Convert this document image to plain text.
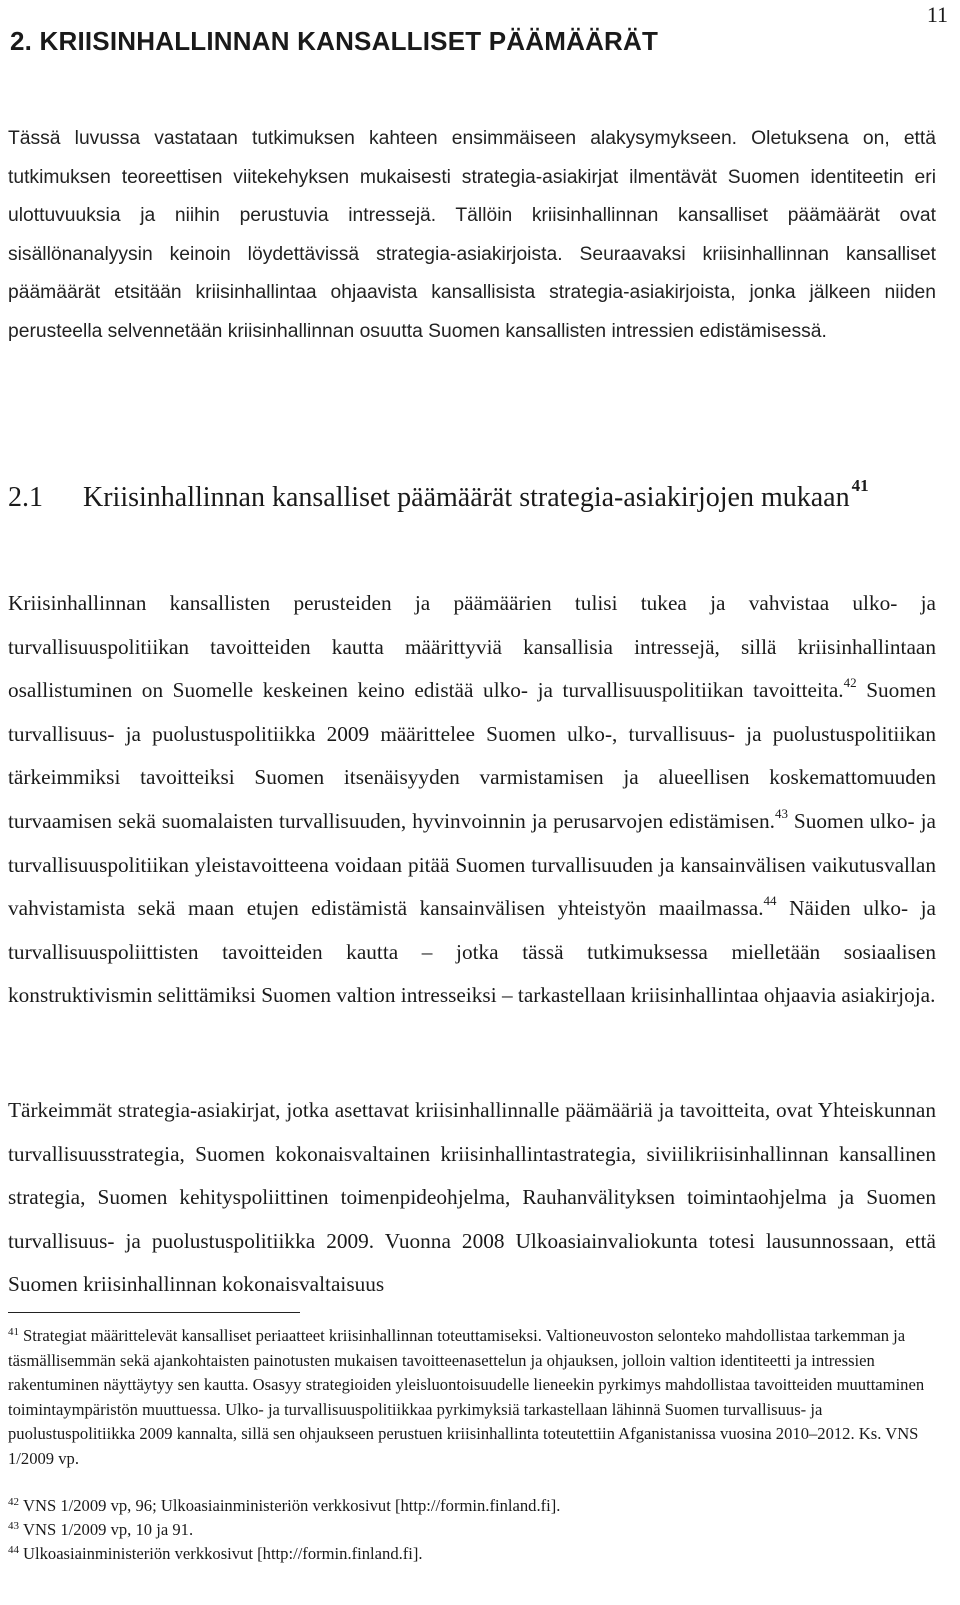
11
2. KRIISINHALLINNAN KANSALLISET PÄÄMÄÄRÄT

Tässä luvussa vastataan tutkimuksen kahteen ensimmäiseen alakysymykseen. Oletuksena on, että tutkimuksen teoreettisen viitekehyksen mukaisesti strategia-asiakirjat ilmentävät Suomen identiteetin eri ulottuvuuksia ja niihin perustuvia intressejä. Tällöin kriisinhallinnan kansalliset päämäärät ovat sisällönanalyysin keinoin löydettävissä strategia-asiakirjoista. Seuraavaksi kriisinhallinnan kansalliset päämäärät etsitään kriisinhallintaa ohjaavista kansallisista strategia-asiakirjoista, jonka jälkeen niiden perusteella selvennetään kriisinhallinnan osuutta Suomen kansallisten intressien edistämisessä.

2.1 Kriisinhallinnan kansalliset päämäärät strategia-asiakirjojen mukaan $^{41}$

Kriisinhallinnan kansallisten perusteiden ja päämäärien tulisi tukea ja vahvistaa ulko- ja turvallisuuspolitiikan tavoitteiden kautta määrittyviä kansallisia intressejä, sillä kriisinhallintaan osallistuminen on Suomelle keskeinen keino edistää ulko- ja turvallisuuspolitiikan tavoitteita.$^{42}$ Suomen turvallisuus- ja puolustuspolitiikka 2009 määrittelee Suomen ulko-, turvallisuus- ja puolustuspolitiikan tärkeimmiksi tavoitteiksi Suomen itsenäisyyden varmistamisen ja alueellisen koskemattomuuden turvaamisen sekä suomalaisten turvallisuuden, hyvinvoinnin ja perusarvojen edistämisen.$^{43}$ Suomen ulko- ja turvallisuuspolitiikan yleistavoitteena voidaan pitää Suomen turvallisuuden ja kansainvälisen vaikutusvallan vahvistamista sekä maan etujen edistämistä kansainvälisen yhteistyön maailmassa.$^{44}$ Näiden ulko- ja turvallisuuspoliittisten tavoitteiden kautta – jotka tässä tutkimuksessa mielletään sosiaalisen konstruktivismin selittämiksi Suomen valtion intresseiksi – tarkastellaan kriisinhallintaa ohjaavia asiakirjoja.

Tärkeimmät strategia-asiakirjat, jotka asettavat kriisinhallinnalle päämääriä ja tavoitteita, ovat Yhteiskunnan turvallisuusstrategia, Suomen kokonaisvaltainen kriisinhallintastrategia, siviilikriisinhallinnan kansallinen strategia, Suomen kehityspoliittinen toimenpideohjelma, Rauhanvälityksen toimintaohjelma ja Suomen turvallisuus- ja puolustuspolitiikka 2009. Vuonna 2008 Ulkoasiainvaliokunta totesi lausunnossaan, että Suomen kriisinhallinnan kokonaisvaltaisuus

$^{41}$ Strategiat määrittelevät kansalliset periaatteet kriisinhallinnan toteuttamiseksi. Valtioneuvoston selonteko mahdollistaa tarkemman ja täsmällisemmän sekä ajankohtaisten painotusten mukaisen tavoitteenasettelun ja ohjauksen, jolloin valtion identiteetti ja intressien rakentuminen näyttäytyy sen kautta. Osasyy strategioiden yleisluontoisuudelle lieneekin pyrkimys mahdollistaa tavoitteiden muuttaminen toimintaympäristön muuttuessa. Ulko- ja turvallisuuspolitiikkaa pyrkimyksiä tarkastellaan lähinnä Suomen turvallisuus- ja puolustuspolitiikka 2009 kannalta, sillä sen ohjaukseen perustuen kriisinhallinta toteutettiin Afganistanissa vuosina 2010–2012. Ks. VNS 1/2009 vp.

$^{42}$ VNS 1/2009 vp, 96; Ulkoasiainministeriön verkkosivut [http://formin.finland.fi].

$^{43}$ VNS 1/2009 vp, 10 ja 91.

$^{44}$ Ulkoasiainministeriön verkkosivut [http://formin.finland.fi].
